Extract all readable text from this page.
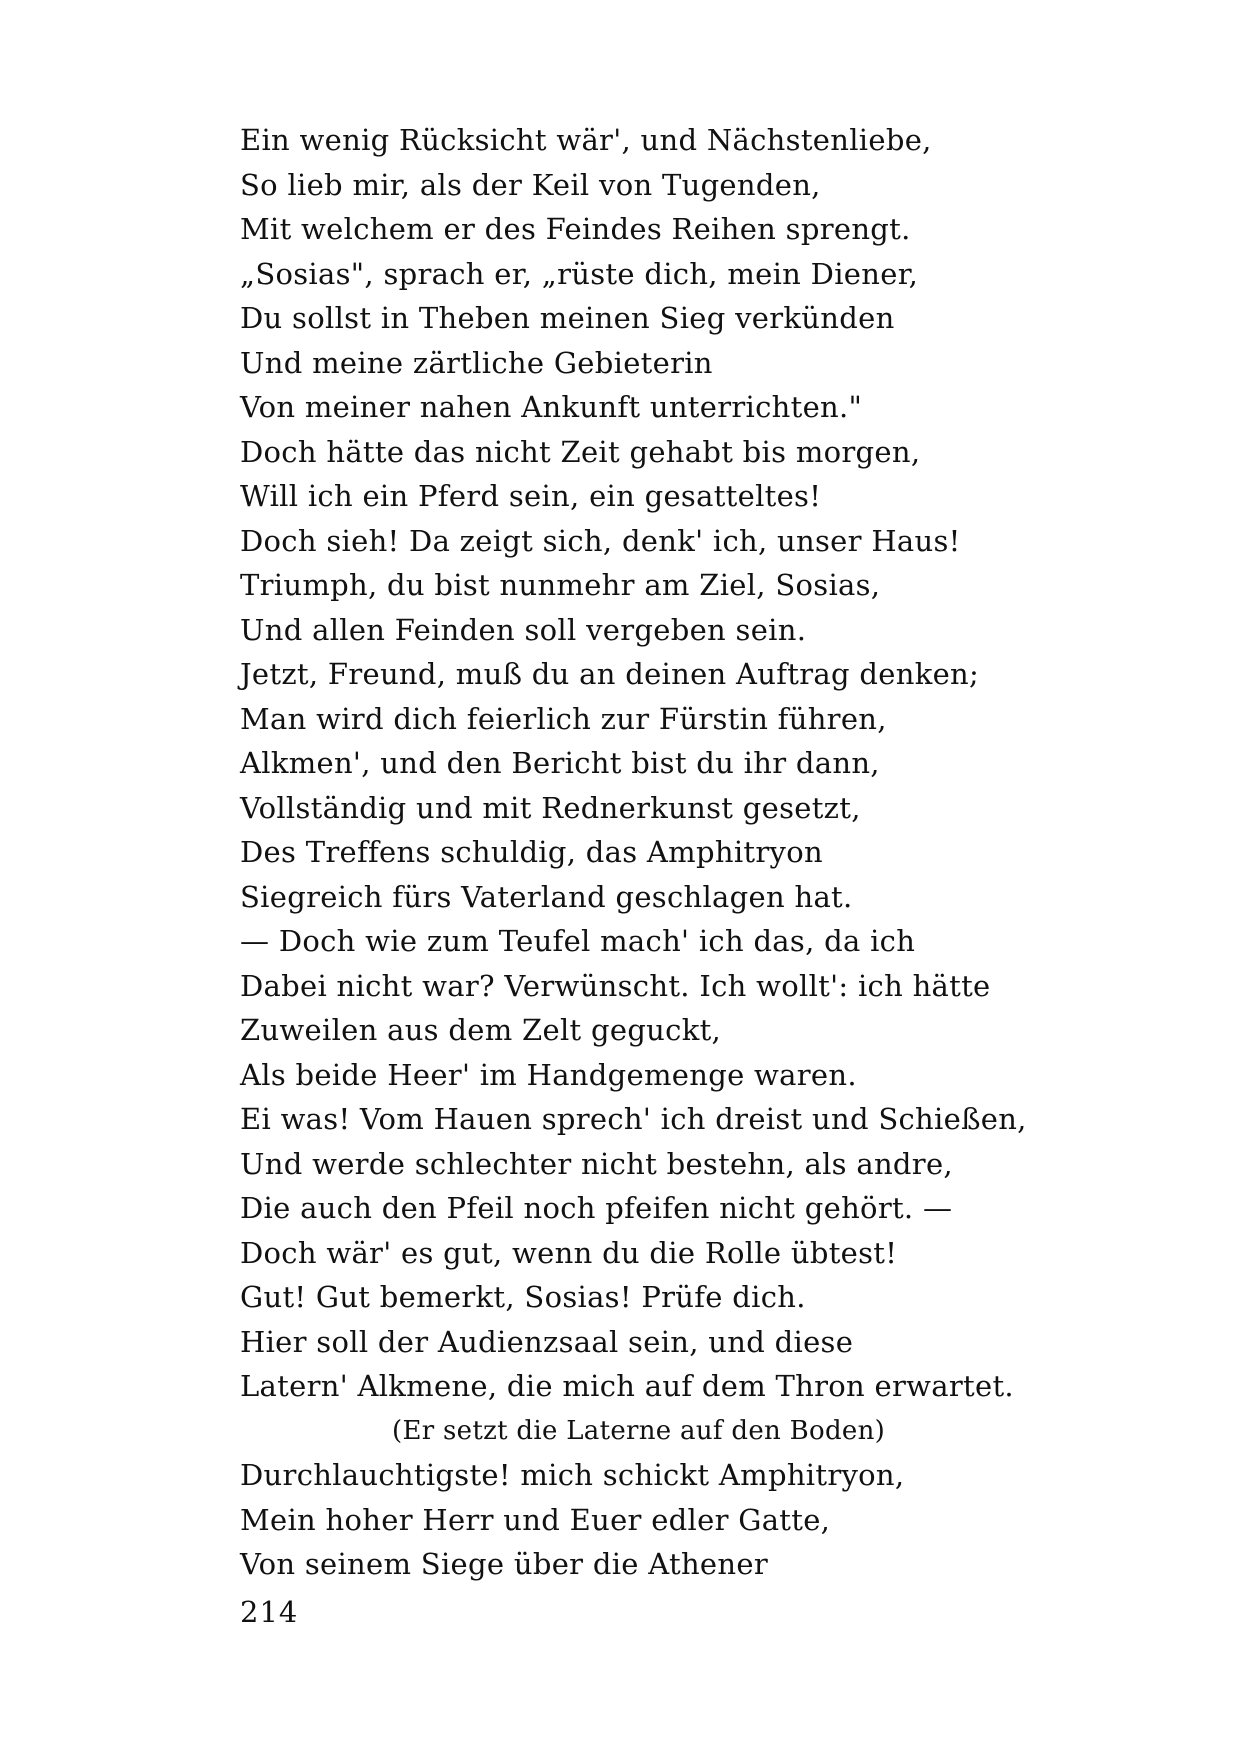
Ein wenig Rücksicht wär', und Nächstenliebe,
So lieb mir, als der Keil von Tugenden,
Mit welchem er des Feindes Reihen sprengt.
„Sosias", sprach er, „rüste dich, mein Diener,
Du sollst in Theben meinen Sieg verkünden
Und meine zärtliche Gebieterin
Von meiner nahen Ankunft unterrichten."
Doch hätte das nicht Zeit gehabt bis morgen,
Will ich ein Pferd sein, ein gesatteltes!
Doch sieh! Da zeigt sich, denk' ich, unser Haus!
Triumph, du bist nunmehr am Ziel, Sosias,
Und allen Feinden soll vergeben sein.
Jetzt, Freund, muß du an deinen Auftrag denken;
Man wird dich feierlich zur Fürstin führen,
Alkmen', und den Bericht bist du ihr dann,
Vollständig und mit Rednerkunst gesetzt,
Des Treffens schuldig, das Amphitryon
Siegreich fürs Vaterland geschlagen hat.
— Doch wie zum Teufel mach' ich das, da ich
Dabei nicht war? Verwünscht. Ich wollt': ich hätte
Zuweilen aus dem Zelt geguckt,
Als beide Heer' im Handgemenge waren.
Ei was! Vom Hauen sprech' ich dreist und Schießen,
Und werde schlechter nicht bestehn, als andre,
Die auch den Pfeil noch pfeifen nicht gehört. —
Doch wär' es gut, wenn du die Rolle übtest!
Gut! Gut bemerkt, Sosias! Prüfe dich.
Hier soll der Audienzsaal sein, und diese
Latern' Alkmene, die mich auf dem Thron erwartet.
(Er setzt die Laterne auf den Boden)
Durchlauchtigste! mich schickt Amphitryon,
Mein hoher Herr und Euer edler Gatte,
Von seinem Siege über die Athener
214
